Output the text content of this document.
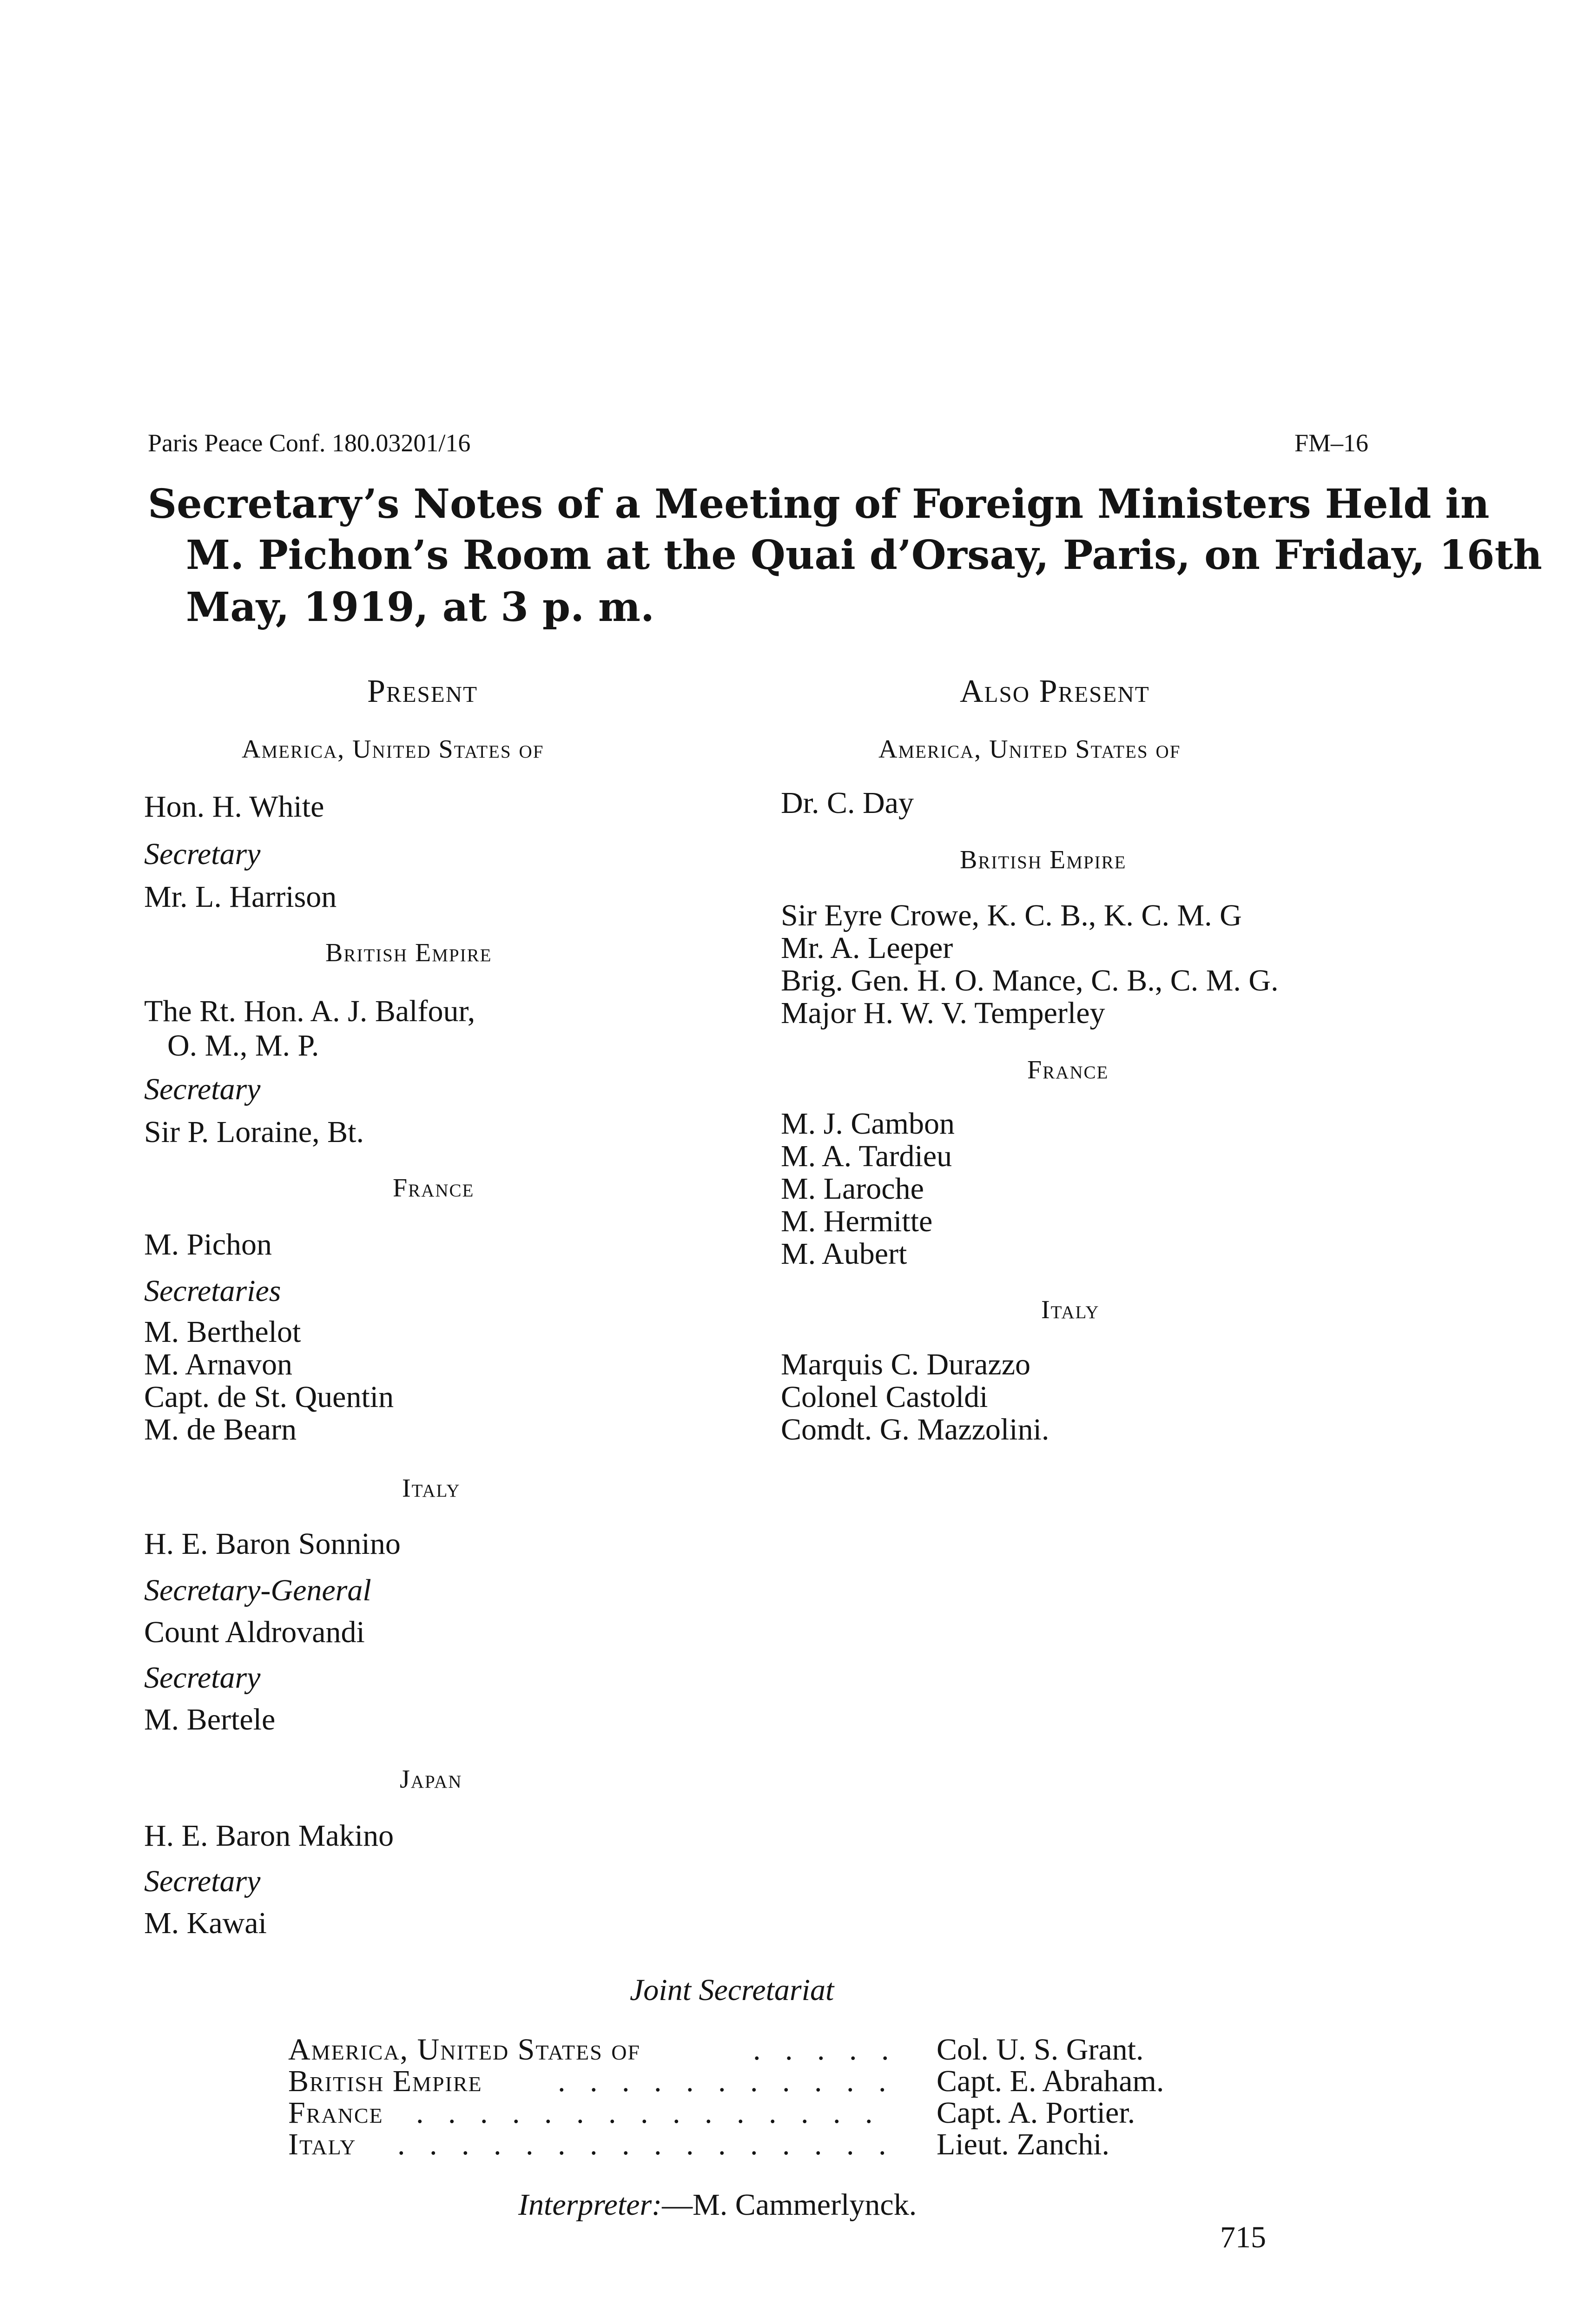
Paris Peace Conf. 180.03201/16	FM–16
Secretary’s Notes of a Meeting of Foreign Ministers Held in
M. Pichon’s Room at the Quai d’Orsay, Paris, on Friday, 16th
May, 1919, at 3 p. m.
Present
America, United States of
Hon. H. White
Secretary
Mr. L. Harrison
British Empire
The Rt. Hon. A. J. Balfour,
O. M., M. P.
Secretary
Sir P. Loraine, Bt.
France
M. Pichon
Secretaries
M. Berthelot
M. Arnavon
Capt. de St. Quentin
M. de Bearn
Italy
H. E. Baron Sonnino
Secretary-General
Count Aldrovandi
Secretary
M. Bertele
Japan
H. E. Baron Makino
Secretary
M. Kawai
Also Present
America, United States of
Dr. C. Day
British Empire
Sir Eyre Crowe, K. C. B., K. C. M. G
Mr. A. Leeper
Brig. Gen. H. O. Mance, C. B., C. M. G.
Major H. W. V. Temperley
France
M. J. Cambon
M. A. Tardieu
M. Laroche
M. Hermitte
M. Aubert
Italy
Marquis C. Durazzo
Colonel Castoldi
Comdt. G. Mazzolini.
Joint Secretariat
America, United States of	. . . . . Col. U. S. Grant.
British Empire . . . . . . . . . . . Capt. E. Abraham.
France . . . . . . . . . . . . . . . Capt. A. Portier.
Italy . . . . . . . . . . . . . . . . Lieut. Zanchi.
Interpreter:—M. Cammerlynck.
715
